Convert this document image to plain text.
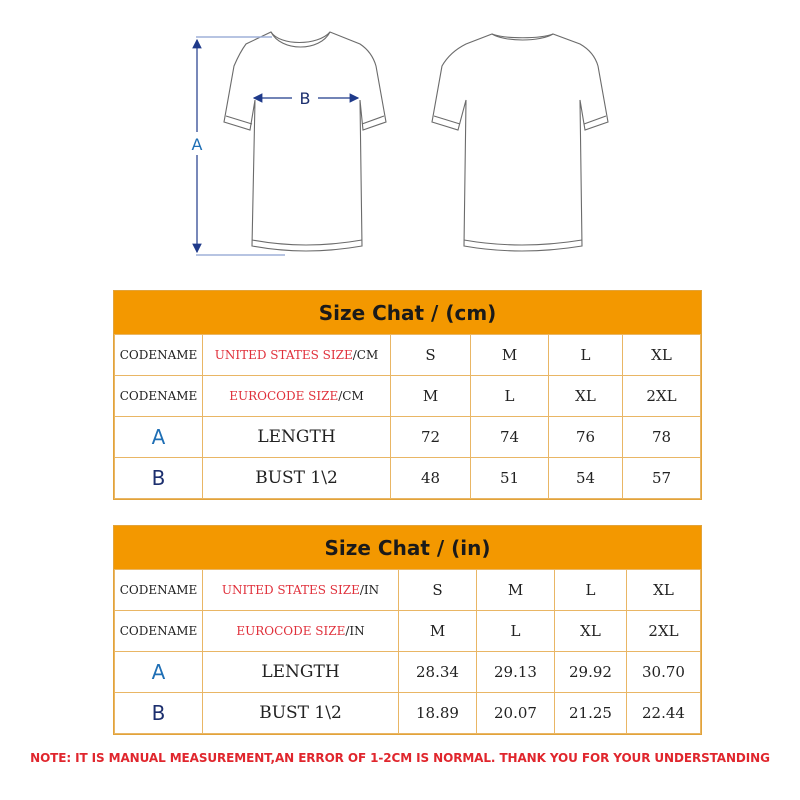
A
B
Size Chat / (cm)
CODENAME	UNITED STATES SIZE/CM	S	M	L	XL
CODENAME	EUROCODE SIZE/CM	M	L	XL	2XL
A	LENGTH	72	74	76	78
B	BUST 1\2	48	51	54	57
Size Chat / (in)
CODENAME	UNITED STATES SIZE/IN	S	M	L	XL
CODENAME	EUROCODE SIZE/IN	M	L	XL	2XL
A	LENGTH	28.34	29.13	29.92	30.70
B	BUST 1\2	18.89	20.07	21.25	22.44
NOTE: IT IS MANUAL MEASUREMENT,AN ERROR OF 1-2CM IS NORMAL. THANK YOU FOR YOUR UNDERSTANDING
